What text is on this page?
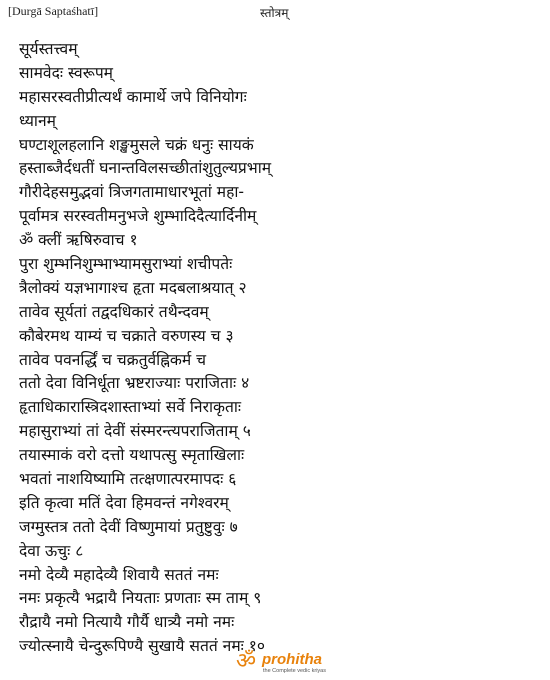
[Durgā Saptaśhatī]	स्तोत्रम्
सूर्यस्तत्त्वम्
सामवेदः स्वरूपम्
महासरस्वतीप्रीत्यर्थं कामार्थे जपे विनियोगः
ध्यानम्
घण्टाशूलहलानि शङ्खमुसले चक्रं धनुः सायकं
हस्ताब्जैर्दधतीं घनान्तविलसच्छीतांशुतुल्यप्रभाम्
गौरीदेहसमुद्भवां त्रिजगतामाधारभूतां महा-
पूर्वामत्र सरस्वतीमनुभजे शुम्भादिदैत्यार्दिनीम्
ॐ क्लीं ऋषिरुवाच १
पुरा शुम्भनिशुम्भाभ्यामसुराभ्यां शचीपतेः
त्रैलोक्यं यज्ञभागाश्च हृता मदबलाश्रयात् २
तावेव सूर्यतां तद्वदधिकारं तथैन्दवम्
कौबेरमथ याम्यं च चक्राते वरुणस्य च ३
तावेव पवनर्द्धिं च चक्रतुर्वह्निकर्म च
ततो देवा विनिर्धूता भ्रष्टराज्याः पराजिताः ४
हृताधिकारास्त्रिदशास्ताभ्यां सर्वे निराकृताः
महासुराभ्यां तां देवीं संस्मरन्त्यपराजिताम् ५
तयास्माकं वरो दत्तो यथापत्सु स्मृताखिलाः
भवतां नाशयिष्यामि तत्क्षणात्परमापदः ६
इति कृत्वा मतिं देवा हिमवन्तं नगेश्वरम्
जग्मुस्तत्र ततो देवीं विष्णुमायां प्रतुष्टुवुः ७
देवा ऊचुः ८
नमो देव्यै महादेव्यै शिवायै सततं नमः
नमः प्रकृत्यै भद्रायै नियताः प्रणताः स्म ताम् ९
रौद्रायै नमो नित्यायै गौर्यै धात्र्यै नमो नमः
ज्योत्स्नायै चेन्दुरूपिण्यै सुखायै सततं नमः १०
ॐ prohitha
the Complete vedic kriyas
